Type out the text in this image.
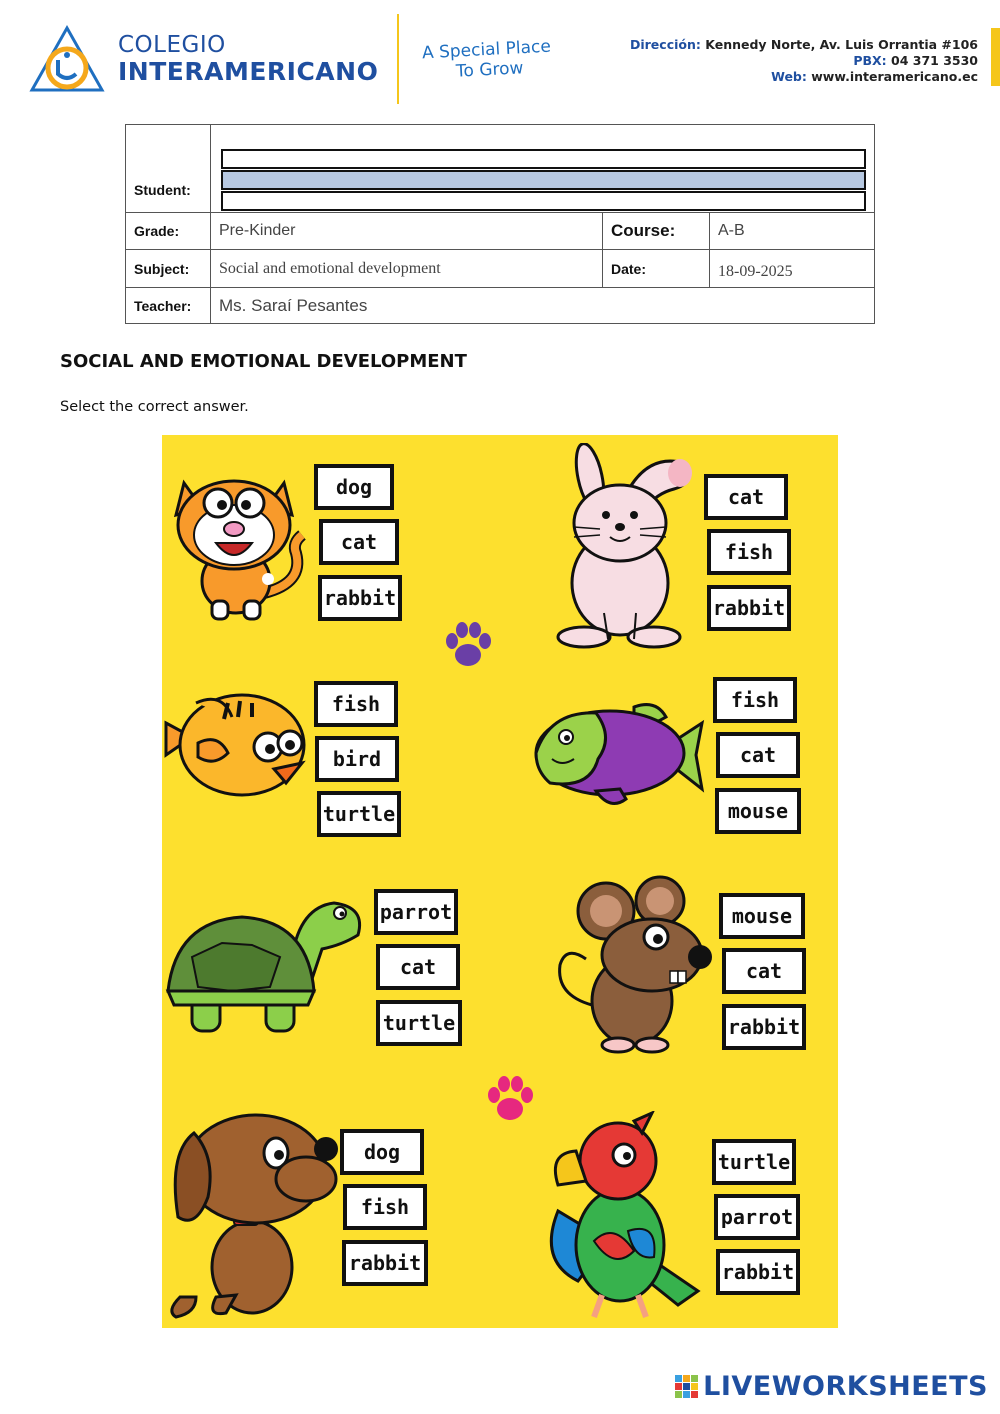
COLEGIO
INTERAMERICANO
A Special Place
To Grow
Dirección: Kennedy Norte, Av. Luis Orrantia #106
PBX: 04 371 3530
Web: www.interamericano.ec
Student:			

Grade:	Pre-Kinder	Course:	A-B
Subject:	Social and emotional development	Date:	18-09-2025
Teacher:	Ms. Saraí Pesantes		
SOCIAL AND EMOTIONAL DEVELOPMENT
Select the correct answer.
dog
cat
rabbit
cat
fish
rabbit
fish
bird
turtle
fish
cat
mouse
parrot
cat
turtle
mouse
cat
rabbit
dog
fish
rabbit
turtle
parrot
rabbit
LIVEWORKSHEETS
